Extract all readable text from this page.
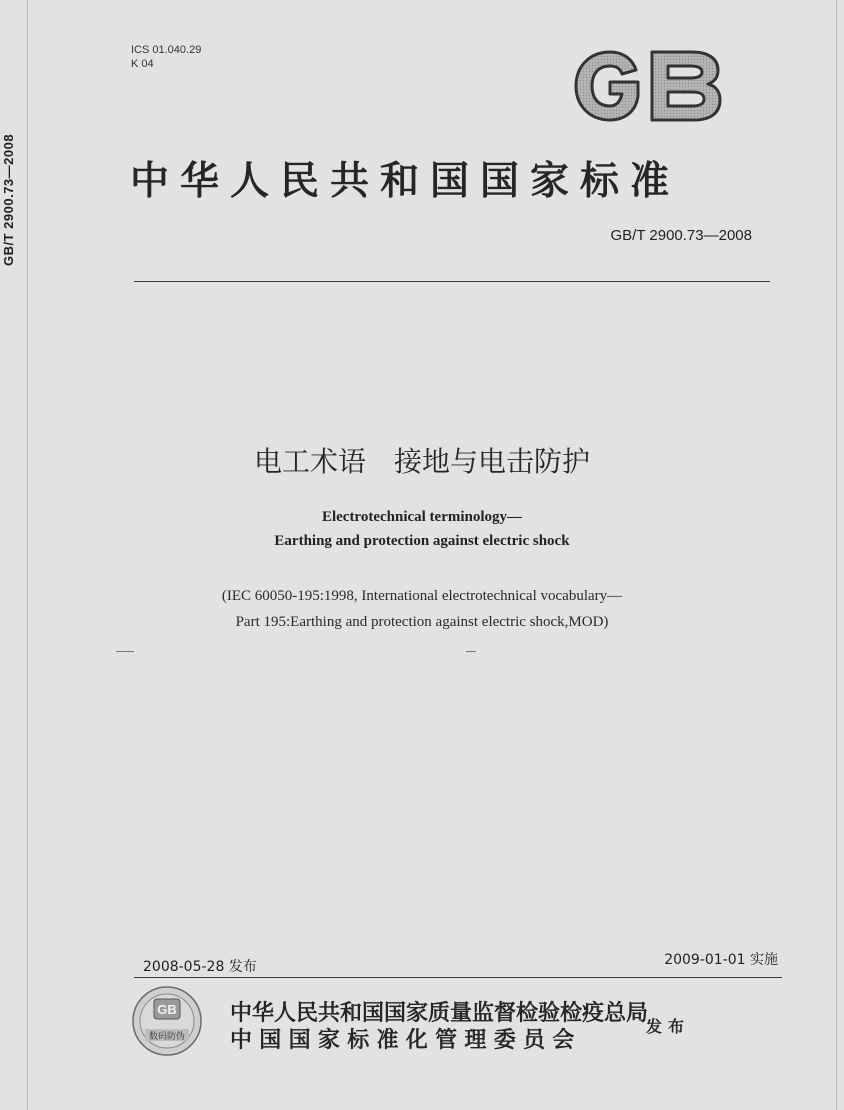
GB/T 2900.73—2008
ICS 01.040.29
K 04
中华人民共和国国家标准
GB/T 2900.73—2008
电工术语　接地与电击防护
Electrotechnical terminology—
Earthing and protection against electric shock
(IEC 60050-195:1998, International electrotechnical vocabulary—
Part 195:Earthing and protection against electric shock,MOD)
2008-05-28 发布	2009-01-01 实施
GB
数码防伪
中华人民共和国国家质量监督检验检疫总局
中国国家标准化管理委员会
发布
